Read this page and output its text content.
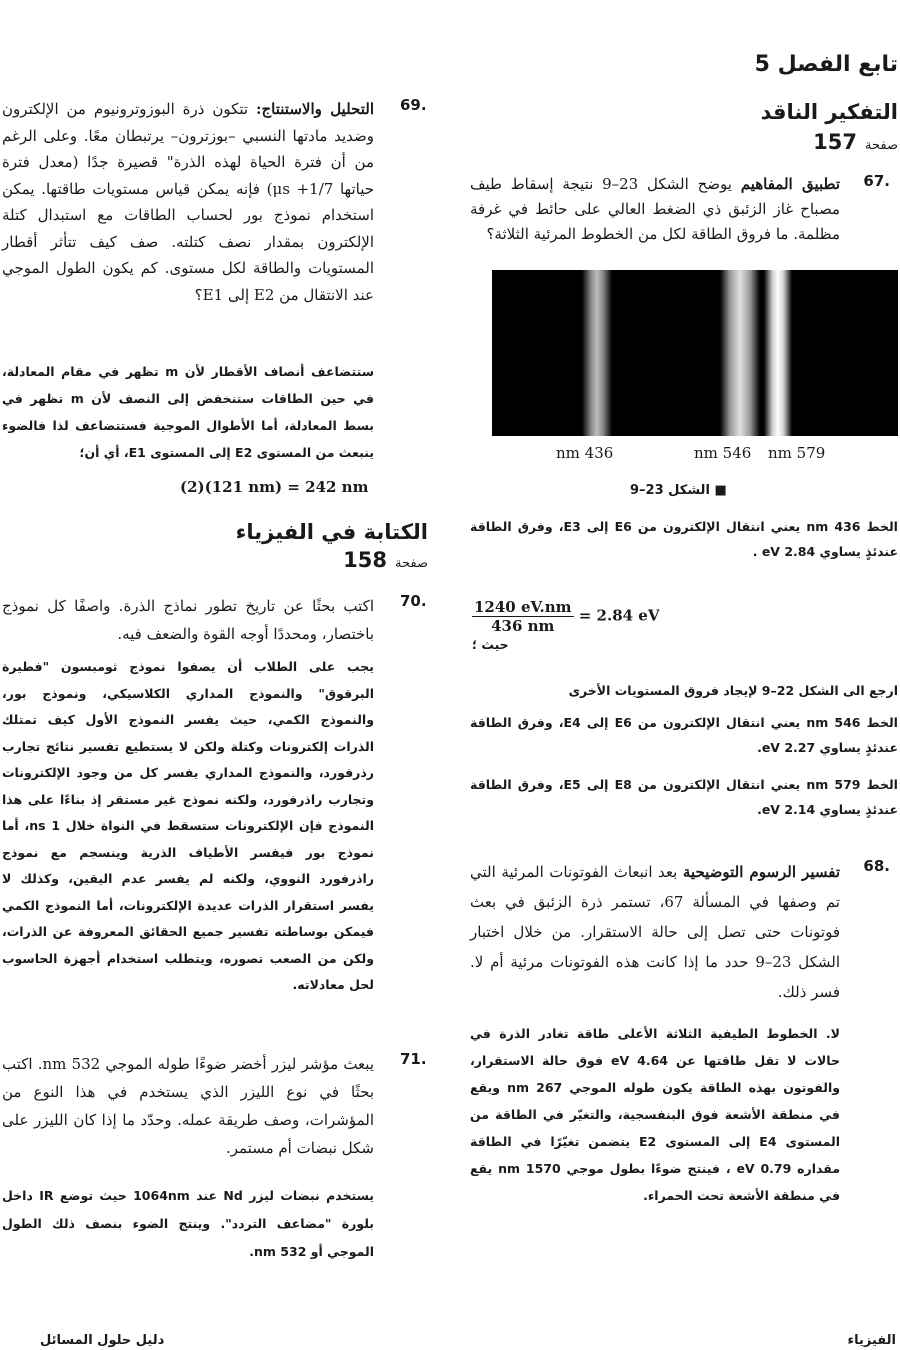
تابع الفصل 5
التفكير الناقد
صفحة
157
.67
تطبيق المفاهيم يوضح الشكل 23–9 نتيجة إسقاط طيف مصباح غاز الزئبق ذي الضغط العالي على حائط في غرفة مظلمة. ما فروق الطاقة لكل من الخطوط المرئية الثلاثة؟
436 nm	546 nm 579 nm
■ الشكل 23–9
الخط 436 nm يعني انتقال الإلكترون من E6 إلى E3، وفرق الطاقة عندئذٍ يساوي 2.84 eV .
$\frac{1240 eV.nm}{436 nm} = 2.84$ eV
حيث ؛
ارجع الى الشكل 22–9 لإيجاد فروق المستويات الأخرى
الخط 546 nm يعني انتقال الإلكترون من E6 إلى E4، وفرق الطاقة عندئذٍ يساوي 2.27 eV.
الخط 579 nm يعني انتقال الإلكترون من E8 إلى E5، وفرق الطاقة عندئذٍ يساوي 2.14 eV.
.68
تفسير الرسوم التوضيحية بعد انبعاث الفوتونات المرئية التي تم وصفها في المسألة 67، تستمر ذرة الزئبق في بعث فوتونات حتى تصل إلى حالة الاستقرار. من خلال اختبار الشكل 23–9 حدد ما إذا كانت هذه الفوتونات مرئية أم لا. فسر ذلك.
لا. الخطوط الطيفية الثلاثة الأعلى طاقة تغادر الذرة في حالات لا تقل طاقتها عن 4.64 eV فوق حالة الاستقرار، والفوتون بهذه الطاقة يكون طوله الموجي 267 nm ويقع في منطقة الأشعة فوق البنفسجية، والتغيّر في الطاقة من المستوى E4 إلى المستوى E2 يتضمن تغيّرًا في الطاقة مقداره 0.79 eV ، فينتج ضوءًا بطول موجي 1570 nm يقع في منطقة الأشعة تحت الحمراء.
.69
التحليل والاستنتاج: تتكون ذرة البوزوترونيوم من الإلكترون وضديد مادتها النسبي –بوزترون– يرتبطان معًا. وعلى الرغم من أن فترة الحياة لهذه الذرة" قصيرة جدًا (معدل فترة حياتها 1/7+ μs) فإنه يمكن قياس مستويات طاقتها. يمكن استخدام نموذج بور لحساب الطاقات مع استبدال كتلة الإلكترون بمقدار نصف كتلته. صف كيف تتأثر أقطار المستويات والطاقة لكل مستوى. كم يكون الطول الموجي عند الانتقال من E2 إلى E1؟
ستتضاعف أنصاف الأقطار لأن m تظهر في مقام المعادلة، في حين الطاقات ستنخفض إلى النصف لأن m تظهر في بسط المعادلة، أما الأطوال الموجية فستتضاعف لذا فالضوء ينبعث من المستوى E2 إلى المستوى E1، أي أن؛
(2)(121 nm) = 242 nm
الكتابة في الفيزياء
صفحة
158
.70
اكتب بحثًا عن تاريخ تطور نماذج الذرة. واصفًا كل نموذج باختصار، ومحددًا أوجه القوة والضعف فيه.
يجب على الطلاب أن يصفوا نموذج ثومبسون "فطيرة البرقوق" والنموذج المداري الكلاسيكي، ونموذج بور، والنموذج الكمي، حيث يفسر النموذج الأول كيف تمتلك الذرات إلكترونات وكتلة ولكن لا يستطيع تفسير نتائج تجارب رذرفورد، والنموذج المداري يفسر كل من وجود الإلكترونات وتجارب راذرفورد، ولكنه نموذج غير مستقر إذ بناءًا على هذا النموذج فإن الإلكترونات ستسقط في النواة خلال 1 ns، أما نموذج بور فيفسر الأطياف الذرية وينسجم مع نموذج راذرفورد النووي، ولكنه لم يفسر عدم اليقين، وكذلك لا يفسر استقرار الذرات عديدة الإلكترونات، أما النموذج الكمي فيمكن بوساطته تفسير جميع الحقائق المعروفة عن الذرات، ولكن من الصعب تصوره، ويتطلب استخدام أجهزة الحاسوب لحل معادلاته.
.71
يبعث مؤشر ليزر أخضر ضوءًا طوله الموجي 532 nm. اكتب بحثًا في نوع الليزر الذي يستخدم في هذا النوع من المؤشرات، وصف طريقة عمله. وحدّد ما إذا كان الليزر على شكل نبضات أم مستمر.
يستخدم نبضات ليزر Nd عند 1064nm حيث توضع IR داخل بلورة "مضاعف التردد". وينتج الضوء بنصف ذلك الطول الموجي أو 532 nm.
الفيزياء
دليل حلول المسائل
